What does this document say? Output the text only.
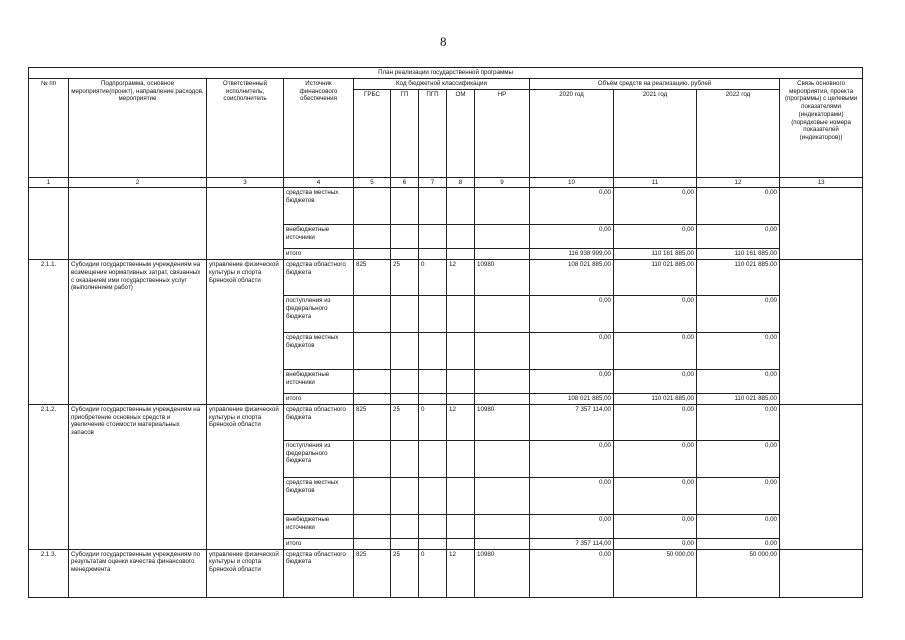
8
План реализации государственной программы												
№ пп	Подпрограмма, основное мероприятие(проект), направление расходов, мероприятие	Ответственный исполнитель, соисполнитель	Источник финансового обеспечения	Код бюджетной классификации					Объём средств на реализацию, рублей			Связь основного мероприятия, проекта (программы) с целевыми показателями (индикаторами) (порядковые номера показателей (индикаторов))
				ГРБС	ГП	ПГП	ОМ	НР	2020 год	2021 год	2022 год	
1	2	3	4	5	6	7	8	9	10	11	12	13
			средства местных бюджетов						0,00	0,00	0,00	
			внебюджетные источники						0,00	0,00	0,00	
			итого						116 938 999,00	110 161 885,00	110 161 885,00	
2.1.1.	Субсидии государственным учреждениям на возмещение нормативных затрат, связанных с оказанием ими государственных услуг (выполнением работ)	управление физической культуры и спорта Брянской области	средства областного бюджета	825	25	0	12	10980	108 021 885,00	110 021 885,00	110 021 885,00	
			поступления из федерального бюджета						0,00	0,00	0,00	
			средства местных бюджетов						0,00	0,00	0,00	
			внебюджетные источники						0,00	0,00	0,00	
			итого						108 021 885,00	110 021 885,00	110 021 885,00	
2.1.2.	Субсидии государственным учреждениям на приобретение основных средств и увеличение стоимости материальных запасов	управление физической культуры и спорта Брянской области	средства областного бюджета	825	25	0	12	10980	7 357 114,00	0,00	0,00	
			поступления из федерального бюджета						0,00	0,00	0,00	
			средства местных бюджетов						0,00	0,00	0,00	
			внебюджетные источники						0,00	0,00	0,00	
			итого						7 357 114,00	0,00	0,00	
2.1.3.	Субсидии государственным учреждениям по результатам оценки качества финансового менеджмента	управление физической культуры и спорта Брянской области	средства областного бюджета	825	25	0	12	10980	0,00	50 000,00	50 000,00	
